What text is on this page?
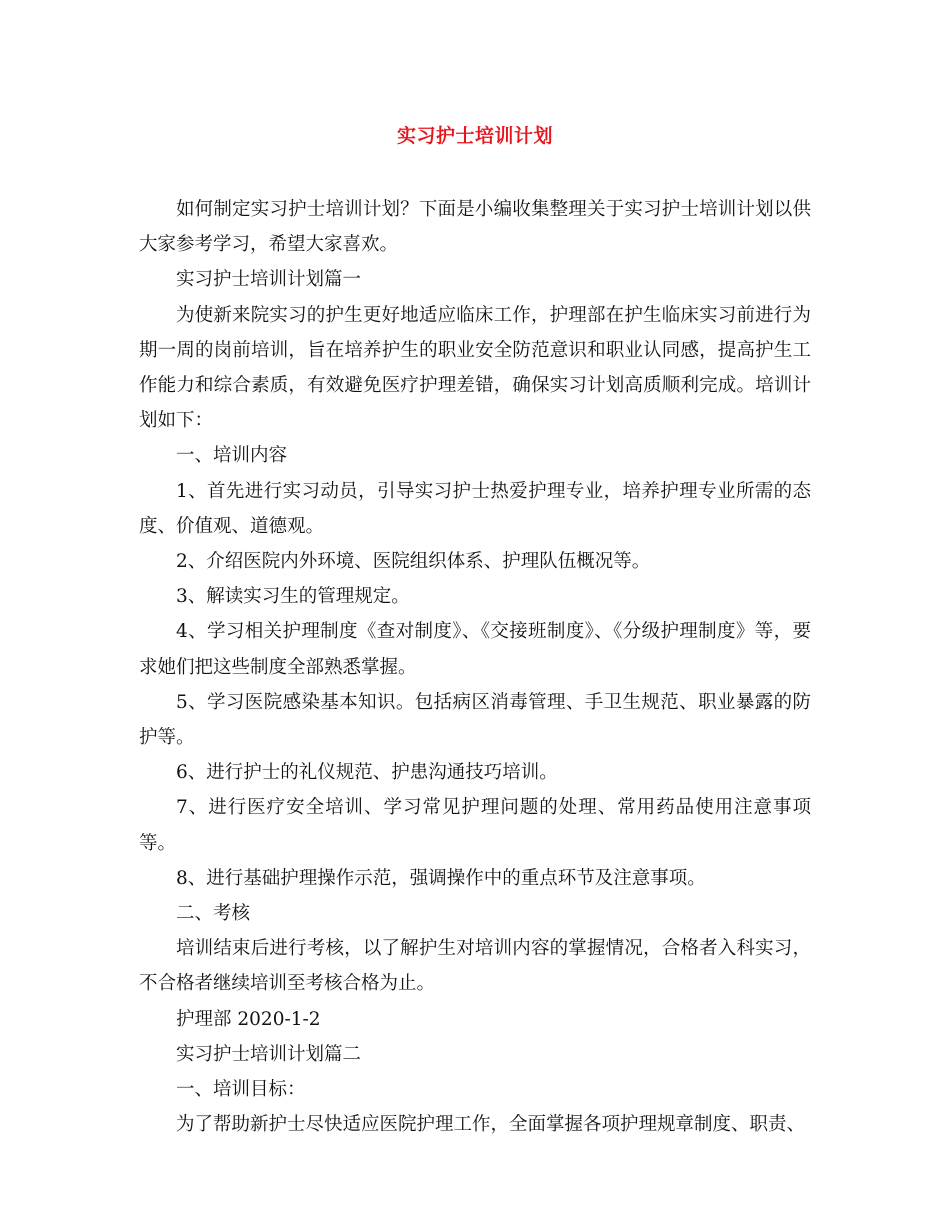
实习护士培训计划

如何制定实习护士培训计划？下面是小编收集整理关于实习护士培训计划以供大家参考学习，希望大家喜欢。

实习护士培训计划篇一

为使新来院实习的护生更好地适应临床工作，护理部在护生临床实习前进行为期一周的岗前培训，旨在培养护生的职业安全防范意识和职业认同感，提高护生工作能力和综合素质，有效避免医疗护理差错，确保实习计划高质顺利完成。培训计划如下：

一、培训内容

1、首先进行实习动员，引导实习护士热爱护理专业，培养护理专业所需的态度、价值观、道德观。

2、介绍医院内外环境、医院组织体系、护理队伍概况等。

3、解读实习生的管理规定。

4、学习相关护理制度《查对制度》、《交接班制度》、《分级护理制度》等，要求她们把这些制度全部熟悉掌握。

5、学习医院感染基本知识。包括病区消毒管理、手卫生规范、职业暴露的防护等。

6、进行护士的礼仪规范、护患沟通技巧培训。

7、进行医疗安全培训、学习常见护理问题的处理、常用药品使用注意事项等。

8、进行基础护理操作示范，强调操作中的重点环节及注意事项。

二、考核

培训结束后进行考核，以了解护生对培训内容的掌握情况，合格者入科实习，不合格者继续培训至考核合格为止。

护理部 2020-1-2

实习护士培训计划篇二

一、培训目标：

为了帮助新护士尽快适应医院护理工作，全面掌握各项护理规章制度、职责、
